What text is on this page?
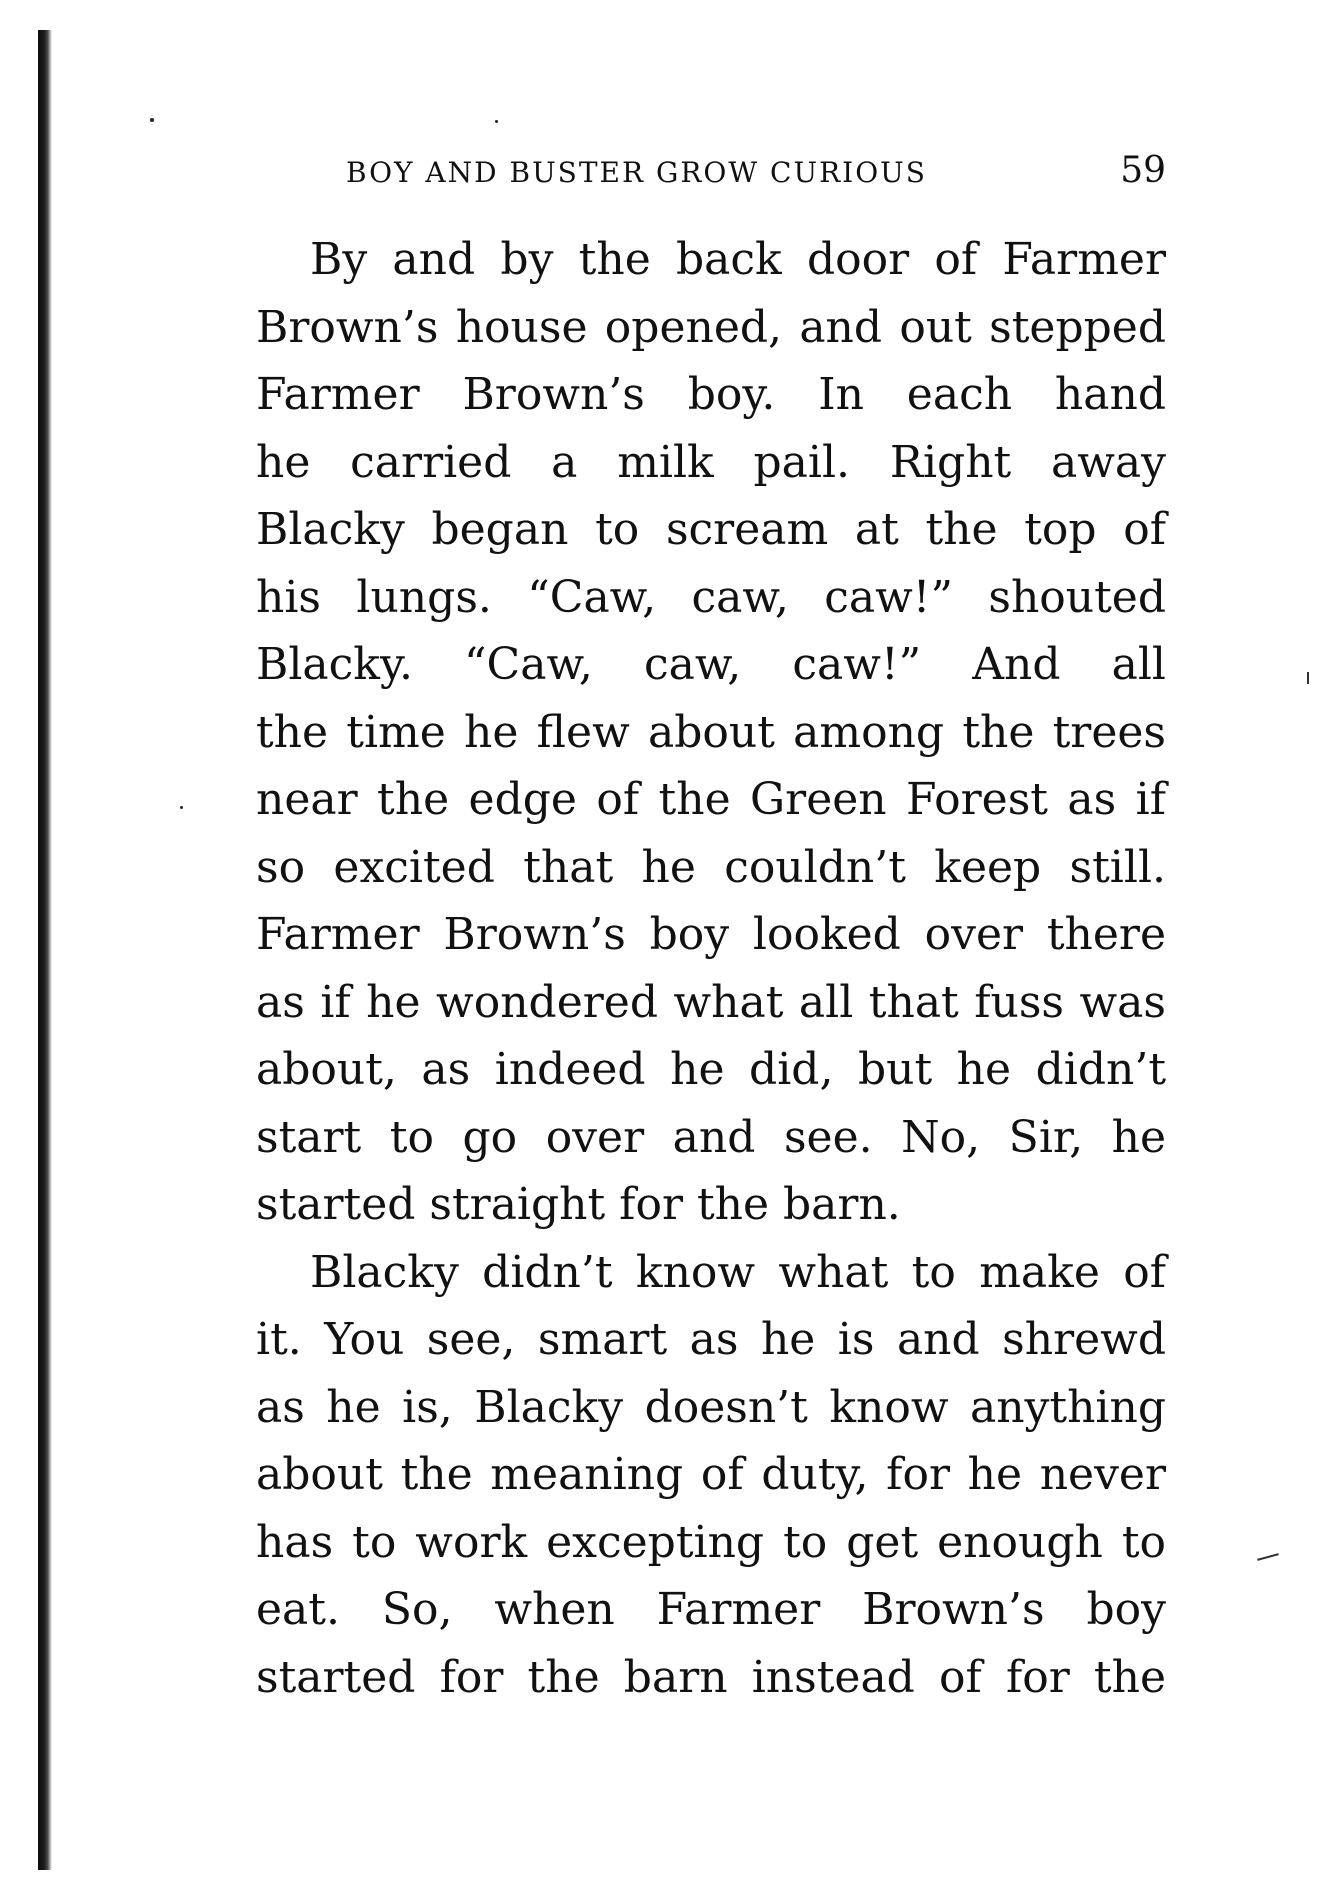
BOY AND BUSTER GROW CURIOUS	59
By and by the back door of Farmer
Brown’s house opened, and out stepped
Farmer Brown’s boy. In each hand
he carried a milk pail. Right away
Blacky began to scream at the top of
his lungs. “Caw, caw, caw!” shouted
Blacky. “Caw, caw, caw!” And all
the time he flew about among the trees
near the edge of the Green Forest as if
so excited that he couldn’t keep still.
Farmer Brown’s boy looked over there
as if he wondered what all that fuss was
about, as indeed he did, but he didn’t
start to go over and see. No, Sir, he
started straight for the barn.
Blacky didn’t know what to make of
it. You see, smart as he is and shrewd
as he is, Blacky doesn’t know anything
about the meaning of duty, for he never
has to work excepting to get enough to
eat. So, when Farmer Brown’s boy
started for the barn instead of for the
